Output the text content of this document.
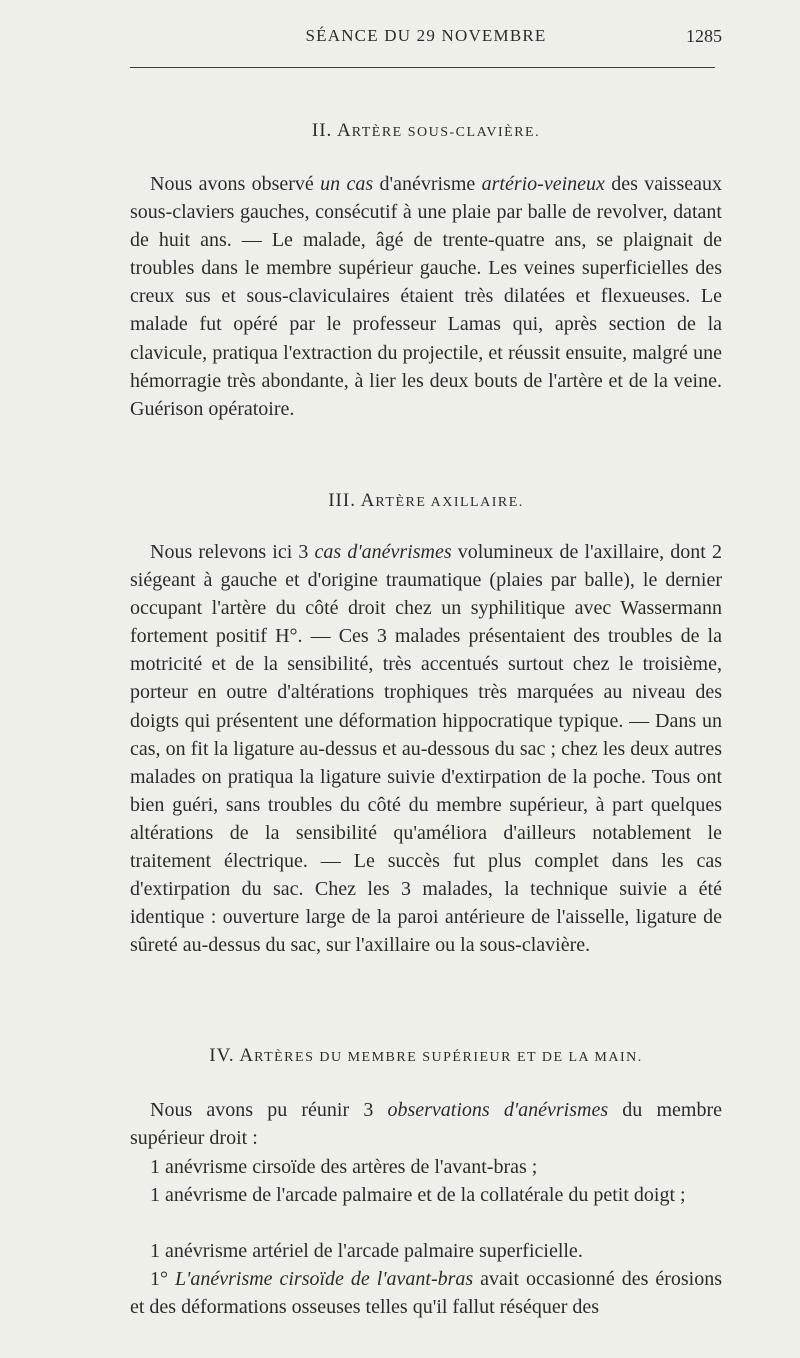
SÉANCE DU 29 NOVEMBRE	1285
II. ARTÈRE SOUS-CLAVIÈRE.

Nous avons observé un cas d'anévrisme artério-veineux des vaisseaux sous-claviers gauches, consécutif à une plaie par balle de revolver, datant de huit ans. — Le malade, âgé de trente-quatre ans, se plaignait de troubles dans le membre supérieur gauche. Les veines superficielles des creux sus et sous-claviculaires étaient très dilatées et flexueuses. Le malade fut opéré par le professeur Lamas qui, après section de la clavicule, pratiqua l'extraction du projectile, et réussit ensuite, malgré une hémorragie très abondante, à lier les deux bouts de l'artère et de la veine. Guérison opératoire.

III. ARTÈRE AXILLAIRE.

Nous relevons ici 3 cas d'anévrismes volumineux de l'axillaire, dont 2 siégeant à gauche et d'origine traumatique (plaies par balle), le dernier occupant l'artère du côté droit chez un syphilitique avec Wassermann fortement positif H°. — Ces 3 malades présentaient des troubles de la motricité et de la sensibilité, très accentués surtout chez le troisième, porteur en outre d'altérations trophiques très marquées au niveau des doigts qui présentent une déformation hippocratique typique. — Dans un cas, on fit la ligature au-dessus et au-dessous du sac ; chez les deux autres malades on pratiqua la ligature suivie d'extirpation de la poche. Tous ont bien guéri, sans troubles du côté du membre supérieur, à part quelques altérations de la sensibilité qu'améliora d'ailleurs notablement le traitement électrique. — Le succès fut plus complet dans les cas d'extirpation du sac. Chez les 3 malades, la technique suivie a été identique : ouverture large de la paroi antérieure de l'aisselle, ligature de sûreté au-dessus du sac, sur l'axillaire ou la sous-clavière.

IV. ARTÈRES DU MEMBRE SUPÉRIEUR ET DE LA MAIN.

Nous avons pu réunir 3 observations d'anévrismes du membre supérieur droit :

1 anévrisme cirsoïde des artères de l'avant-bras ;

1 anévrisme de l'arcade palmaire et de la collatérale du petit doigt ;

1 anévrisme artériel de l'arcade palmaire superficielle.

1° L'anévrisme cirsoïde de l'avant-bras avait occasionné des érosions et des déformations osseuses telles qu'il fallut réséquer des
